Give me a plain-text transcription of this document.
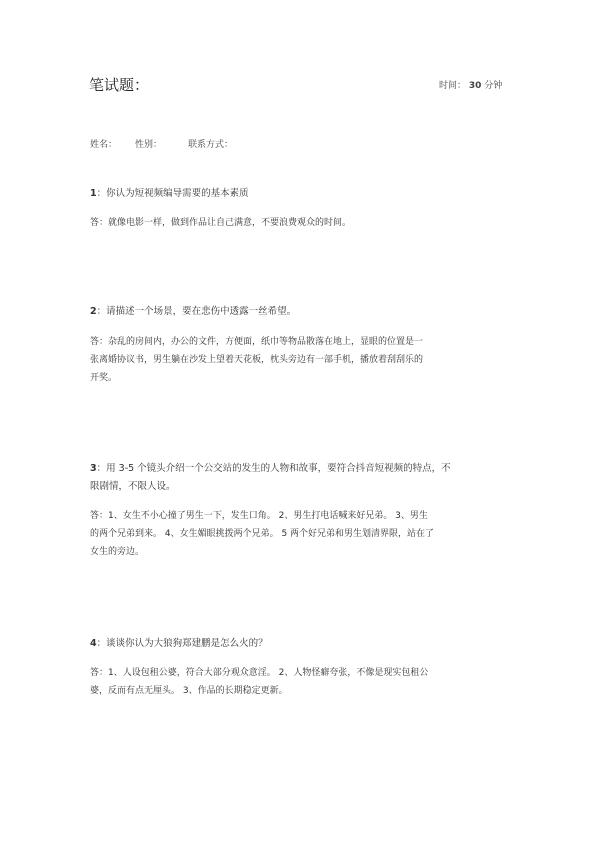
笔试题：	时间： 30 分钟
姓名： 性别：	联系方式：

1：你认为短视频编导需要的基本素质

答：就像电影一样，做到作品让自己满意，不要浪费观众的时间。

2：请描述一个场景，要在悲伤中透露一丝希望。

答：杂乱的房间内，办公的文件，方便面，纸巾等物品散落在地上，显眼的位置是一

张离婚协议书，男生躺在沙发上望着天花板，枕头旁边有一部手机，播放着刮刮乐的

开奖。

3：用 3-5 个镜头介绍一个公交站的发生的人物和故事，要符合抖音短视频的特点，不

限剧情，不限人设。

答：1、女生不小心撞了男生一下，发生口角。 2、男生打电话喊来好兄弟。 3、男生

的两个兄弟到来。 4、女生媚眼挑拨两个兄弟。 5 两个好兄弟和男生划清界限，站在了

女生的旁边。

4：谈谈你认为大狼狗郑建鹏是怎么火的？

答：1、人设包租公婆，符合大部分观众意淫。 2、人物怪癖夸张，不像是现实包租公

婆，反而有点无厘头。 3、作品的长期稳定更新。
